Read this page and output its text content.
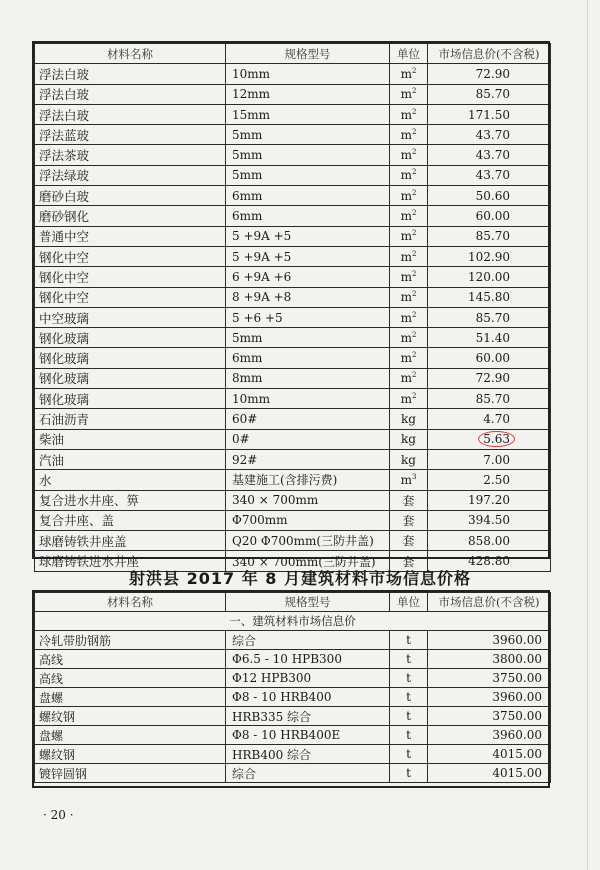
材料名称	规格型号	单位	市场信息价(不含税)
浮法白玻	10mm	$m^2$	72.90
浮法白玻	12mm	$m^2$	85.70
浮法白玻	15mm	$m^2$	171.50
浮法蓝玻	5mm	$m^2$	43.70
浮法茶玻	5mm	$m^2$	43.70
浮法绿玻	5mm	$m^2$	43.70
磨砂白玻	6mm	$m^2$	50.60
磨砂钢化	6mm	$m^2$	60.00
普通中空	5 +9A +5	$m^2$	85.70
钢化中空	5 +9A +5	$m^2$	102.90
钢化中空	6 +9A +6	$m^2$	120.00
钢化中空	8 +9A +8	$m^2$	145.80
中空玻璃	5 +6 +5	$m^2$	85.70
钢化玻璃	5mm	$m^2$	51.40
钢化玻璃	6mm	$m^2$	60.00
钢化玻璃	8mm	$m^2$	72.90
钢化玻璃	10mm	$m^2$	85.70
石油沥青	60#	kg	4.70
柴油	0#	kg	5.63
汽油	92#	kg	7.00
水	基建施工(含排污费)	$m^3$	2.50
复合进水井座、箅	340 × 700mm	套	197.20
复合井座、盖	Φ700mm	套	394.50
球磨铸铁井座盖	Q20 Φ700mm(三防井盖)	套	858.00
球磨铸铁进水井座	340 × 700mm(三防井盖)	套	428.80
射洪县 2017 年 8 月建筑材料市场信息价格
材料名称	规格型号	单位	市场信息价(不含税)
一、建筑材料市场信息价			
冷轧带肋钢筋	综合	t	3960.00
高线	Φ6.5 - 10 HPB300	t	3800.00
高线	Φ12 HPB300	t	3750.00
盘螺	Φ8 - 10 HRB400	t	3960.00
螺纹钢	HRB335 综合	t	3750.00
盘螺	Φ8 - 10 HRB400E	t	3960.00
螺纹钢	HRB400 综合	t	4015.00
镀锌圆钢	综合	t	4015.00
· 20 ·
